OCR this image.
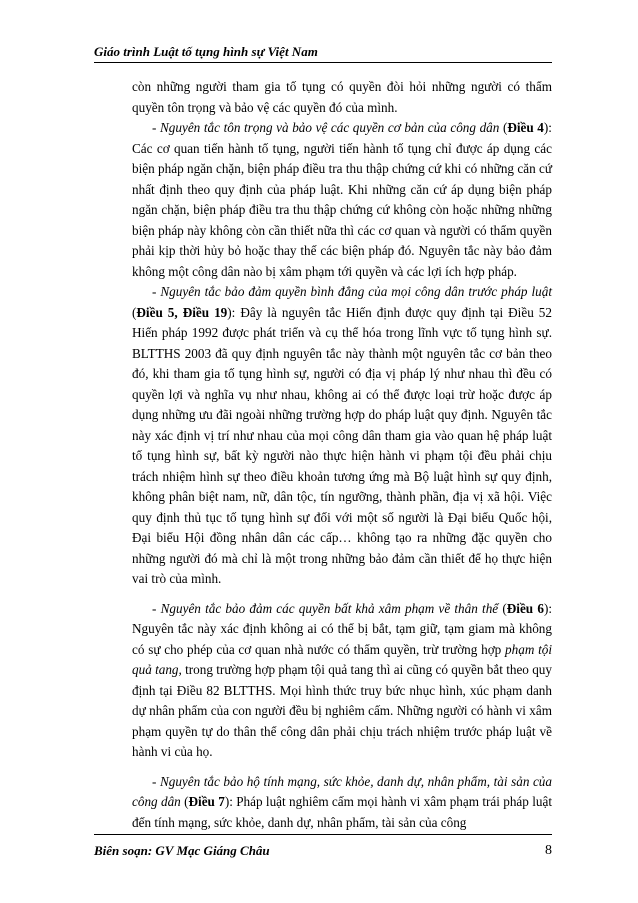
Giáo trình Luật tố tụng hình sự Việt Nam

còn những người tham gia tố tụng có quyền đòi hỏi những người có thẩm quyền tôn trọng và bảo vệ các quyền đó của mình.

- Nguyên tắc tôn trọng và bảo vệ các quyền cơ bản của công dân (Điều 4): Các cơ quan tiến hành tố tụng, người tiến hành tố tụng chỉ được áp dụng các biện pháp ngăn chặn, biện pháp điều tra thu thập chứng cứ khi có những căn cứ nhất định theo quy định của pháp luật. Khi những căn cứ áp dụng biện pháp ngăn chặn, biện pháp điều tra thu thập chứng cứ không còn hoặc những những biện pháp này không còn cần thiết nữa thì các cơ quan và người có thẩm quyền phải kịp thời hủy bỏ hoặc thay thế các biện pháp đó. Nguyên tắc này bảo đảm không một công dân nào bị xâm phạm tới quyền và các lợi ích hợp pháp.

- Nguyên tắc bảo đảm quyền bình đẳng của mọi công dân trước pháp luật (Điều 5, Điều 19): Đây là nguyên tắc Hiến định được quy định tại Điều 52 Hiến pháp 1992 được phát triển và cụ thể hóa trong lĩnh vực tố tụng hình sự. BLTTHS 2003 đã quy định nguyên tắc này thành một nguyên tắc cơ bản theo đó, khi tham gia tố tụng hình sự, người có địa vị pháp lý như nhau thì đều có quyền lợi và nghĩa vụ như nhau, không ai có thể được loại trừ hoặc được áp dụng những ưu đãi ngoài những trường hợp do pháp luật quy định. Nguyên tắc này xác định vị trí như nhau của mọi công dân tham gia vào quan hệ pháp luật tố tụng hình sự, bất kỳ người nào thực hiện hành vi phạm tội đều phải chịu trách nhiệm hình sự theo điều khoản tương ứng mà Bộ luật hình sự quy định, không phân biệt nam, nữ, dân tộc, tín ngưỡng, thành phần, địa vị xã hội. Việc quy định thủ tục tố tụng hình sự đối với một số người là Đại biểu Quốc hội, Đại biểu Hội đồng nhân dân các cấp… không tạo ra những đặc quyền cho những người đó mà chỉ là một trong những bảo đảm cần thiết để họ thực hiện vai trò của mình.

- Nguyên tắc bảo đảm các quyền bất khả xâm phạm về thân thể (Điều 6): Nguyên tắc này xác định không ai có thể bị bắt, tạm giữ, tạm giam mà không có sự cho phép của cơ quan nhà nước có thẩm quyền, trừ trường hợp phạm tội quả tang, trong trường hợp phạm tội quả tang thì ai cũng có quyền bắt theo quy định tại Điều 82 BLTTHS. Mọi hình thức truy bức nhục hình, xúc phạm danh dự nhân phẩm của con người đều bị nghiêm cấm. Những người có hành vi xâm phạm quyền tự do thân thể công dân phải chịu trách nhiệm trước pháp luật về hành vi của họ.

- Nguyên tắc bảo hộ tính mạng, sức khỏe, danh dự, nhân phẩm, tài sản của công dân (Điều 7): Pháp luật nghiêm cấm mọi hành vi xâm phạm trái pháp luật đến tính mạng, sức khỏe, danh dự, nhân phẩm, tài sản của công

Biên soạn: GV Mạc Giáng Châu	8
